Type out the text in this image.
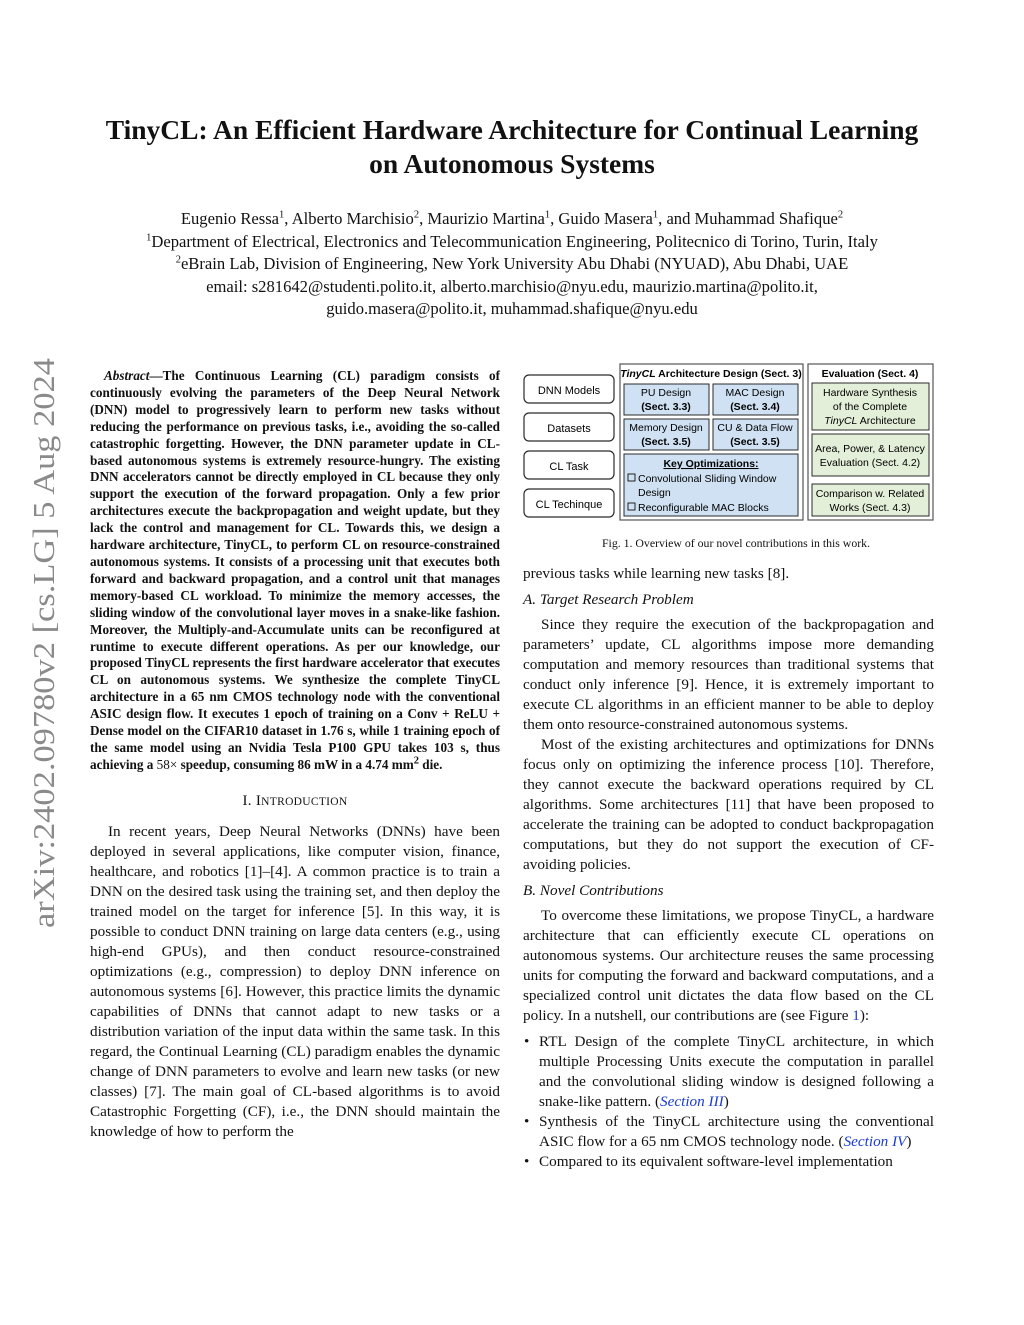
TinyCL: An Efficient Hardware Architecture for Continual Learning
on Autonomous Systems
Eugenio Ressa$^1$, Alberto Marchisio$^2$, Maurizio Martina$^1$, Guido Masera$^1$, and Muhammad Shafique$^2$
$^1$Department of Electrical, Electronics and Telecommunication Engineering, Politecnico di Torino, Turin, Italy
$^2$eBrain Lab, Division of Engineering, New York University Abu Dhabi (NYUAD), Abu Dhabi, UAE
email: s281642@studenti.polito.it, alberto.marchisio@nyu.edu, maurizio.martina@polito.it,
guido.masera@polito.it, muhammad.shafique@nyu.edu
arXiv:2402.09780v2 [cs.LG] 5 Aug 2024

Abstract—The Continuous Learning (CL) paradigm consists of continuously evolving the parameters of the Deep Neural Network (DNN) model to progressively learn to perform new tasks without reducing the performance on previous tasks, i.e., avoiding the so-called catastrophic forgetting. However, the DNN parameter update in CL-based autonomous systems is extremely resource-hungry. The existing DNN accelerators cannot be directly employed in CL because they only support the execution of the forward propagation. Only a few prior architectures execute the backpropagation and weight update, but they lack the control and management for CL. Towards this, we design a hardware architecture, TinyCL, to perform CL on resource-constrained autonomous systems. It consists of a processing unit that executes both forward and backward propagation, and a control unit that manages memory-based CL workload. To minimize the memory accesses, the sliding window of the convolutional layer moves in a snake-like fashion. Moreover, the Multiply-and-Accumulate units can be reconfigured at runtime to execute different operations. As per our knowledge, our proposed TinyCL represents the first hardware accelerator that executes CL on autonomous systems. We synthesize the complete TinyCL architecture in a 65 nm CMOS technology node with the conventional ASIC design flow. It executes 1 epoch of training on a Conv + ReLU + Dense model on the CIFAR10 dataset in 1.76 s, while 1 training epoch of the same model using an Nvidia Tesla P100 GPU takes 103 s, thus achieving a 58× speedup, consuming 86 mW in a 4.74 $mm^2$ die.

I. INTRODUCTION

In recent years, Deep Neural Networks (DNNs) have been deployed in several applications, like computer vision, finance, healthcare, and robotics [1]–[4]. A common practice is to train a DNN on the desired task using the training set, and then deploy the trained model on the target for inference [5]. In this way, it is possible to conduct DNN training on large data centers (e.g., using high-end GPUs), and then conduct resource-constrained optimizations (e.g., compression) to deploy DNN inference on autonomous systems [6]. However, this practice limits the dynamic capabilities of DNNs that cannot adapt to new tasks or a distribution variation of the input data within the same task. In this regard, the Continual Learning (CL) paradigm enables the dynamic change of DNN parameters to evolve and learn new tasks (or new classes) [7]. The main goal of CL-based algorithms is to avoid Catastrophic Forgetting (CF), i.e., the DNN should maintain the knowledge of how to perform the

DNN Models
Datasets
CL Task
CL Techinque
TinyCL Architecture Design (Sect. 3)
PU Design
(Sect. 3.3)
MAC Design
(Sect. 3.4)
Memory Design
(Sect. 3.5)
CU & Data Flow
(Sect. 3.5)
Key Optimizations:
Convolutional Sliding Window
Design
Reconfigurable MAC Blocks
Evaluation (Sect. 4)
Hardware Synthesis
of the Complete
TinyCL Architecture
Area, Power, & Latency
Evaluation (Sect. 4.2)
Comparison w. Related
Works (Sect. 4.3)
Fig. 1. Overview of our novel contributions in this work.

previous tasks while learning new tasks [8].

A. Target Research Problem

Since they require the execution of the backpropagation and parameters’ update, CL algorithms impose more demanding computation and memory resources than traditional systems that conduct only inference [9]. Hence, it is extremely important to execute CL algorithms in an efficient manner to be able to deploy them onto resource-constrained autonomous systems.

Most of the existing architectures and optimizations for DNNs focus only on optimizing the inference process [10]. Therefore, they cannot execute the backward operations required by CL algorithms. Some architectures [11] that have been proposed to accelerate the training can be adopted to conduct backpropagation computations, but they do not support the execution of CF-avoiding policies.

B. Novel Contributions

To overcome these limitations, we propose TinyCL, a hardware architecture that can efficiently execute CL operations on autonomous systems. Our architecture reuses the same processing units for computing the forward and backward computations, and a specialized control unit dictates the data flow based on the CL policy. In a nutshell, our contributions are (see Figure 1):

• RTL Design of the complete TinyCL architecture, in which multiple Processing Units execute the computation in parallel and the convolutional sliding window is designed following a snake-like pattern. (Section III)
• Synthesis of the TinyCL architecture using the conventional ASIC flow for a 65 nm CMOS technology node. (Section IV)
• Compared to its equivalent software-level implementation
